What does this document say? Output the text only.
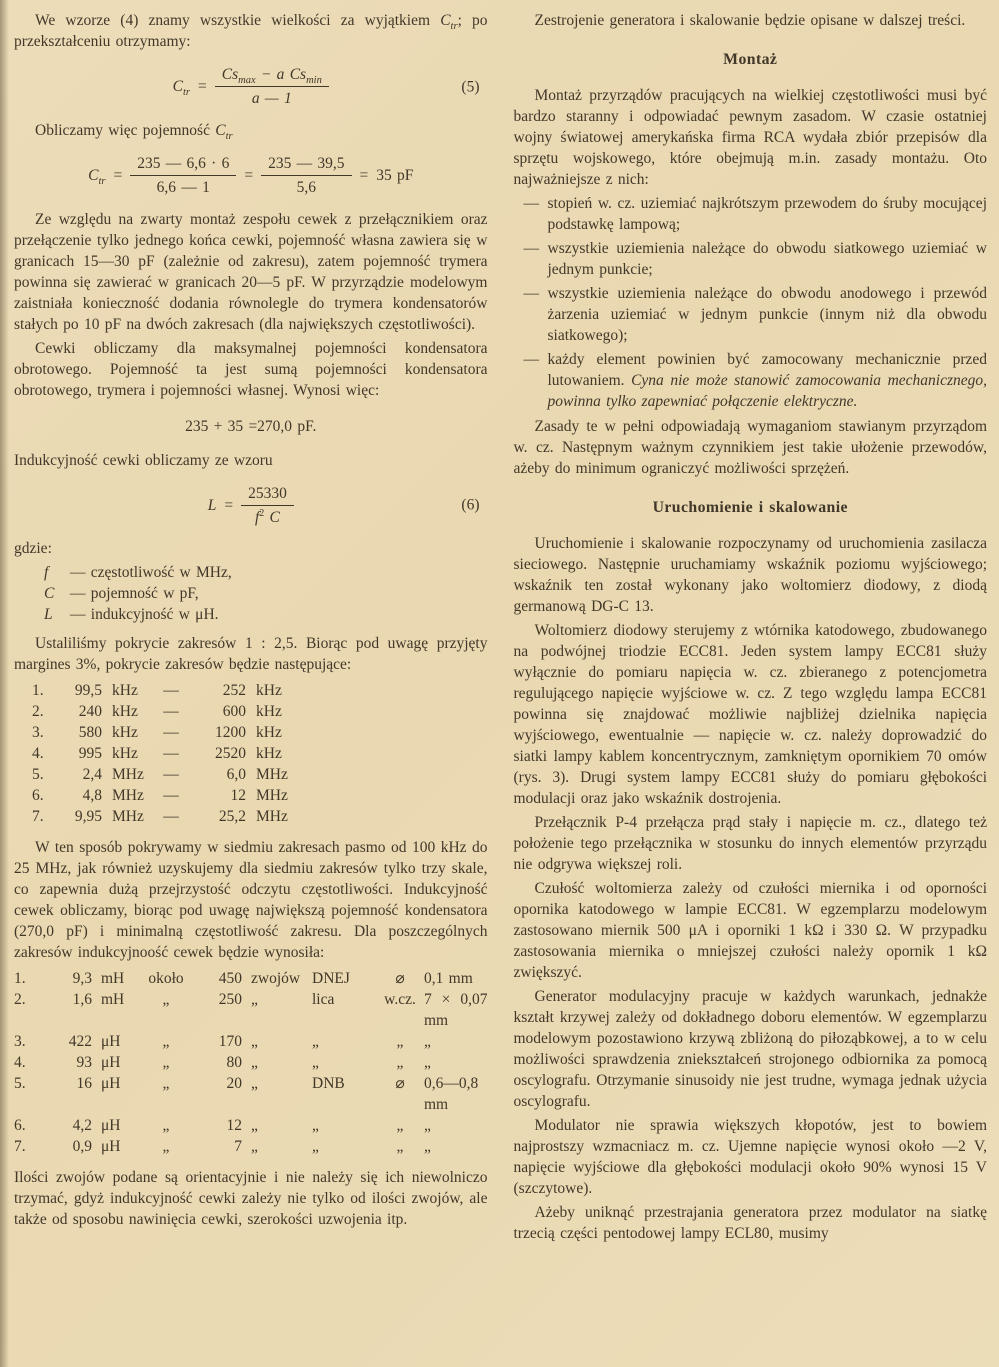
We wzorze (4) znamy wszystkie wielkości za wyjątkiem $C_{tr}$; po przekształceniu otrzymamy:

$C_{tr} = \frac{Cs_{max} - a Cs_{min}}{a — 1}$	(5)

Obliczamy więc pojemność $C_{tr}$

$C_{tr} = \frac{235 — 6,6 \cdot 6}{6,6 — 1} = \frac{235 — 39,5}{5,6} = 35$ pF

Ze względu na zwarty montaż zespołu cewek z przełącznikiem oraz przełączenie tylko jednego końca cewki, pojemność własna zawiera się w granicach 15—30 pF (zależnie od zakresu), zatem pojemność trymera powinna się zawierać w granicach 20—5 pF. W przyrządzie modelowym zaistniała konieczność dodania równolegle do trymera kondensatorów stałych po 10 pF na dwóch zakresach (dla największych częstotliwości).

Cewki obliczamy dla maksymalnej pojemności kondensatora obrotowego. Pojemność ta jest sumą pojemności kondensatora obrotowego, trymera i pojemności własnej. Wynosi więc:

235 + 35 =270,0 pF.

Indukcyjność cewki obliczamy ze wzoru

$L = \frac{25330}{f^2 C}$	(6)

gdzie:

f	— częstotliwość w MHz,
C	— pojemność w pF,
L	— indukcyjność w μH.

Ustaliliśmy pokrycie zakresów 1 : 2,5. Biorąc pod uwagę przyjęty margines 3%, pokrycie zakresów będzie następujące:

1.	99,5 kHz	—	252 kHz
2.	240 kHz	—	600 kHz
3.	580 kHz	—	1200 kHz
4.	995 kHz	—	2520 kHz
5.	2,4 MHz	—	6,0 MHz
6.	4,8 MHz	—	12 MHz
7.	9,95 MHz	—	25,2 MHz

W ten sposób pokrywamy w siedmiu zakresach pasmo od 100 kHz do 25 MHz, jak również uzyskujemy dla siedmiu zakresów tylko trzy skale, co zapewnia dużą przejrzystość odczytu częstotliwości. Indukcyjność cewek obliczamy, biorąc pod uwagę największą pojemność kondensatora (270,0 pF) i minimalną częstotliwość zakresu. Dla poszczególnych zakresów indukcyjnoość cewek będzie wynosiła:

1.	9,3 mH	około	450 zwojów DNEJ	⌀	0,1 mm
2.	1,6 mH	„	250 „	lica	w.cz. 7 × 0,07 mm
3.	422 μH	„	170 „	„	„	„
4.	93 μH	„	80 „	„	„	„
5.	16 μH	„	20 „	DNB	⌀	0,6—0,8 mm
6.	4,2 μH	„	12 „	„	„	„
7.	0,9 μH	„	7 „	„	„	„

Ilości zwojów podane są orientacyjnie i nie należy się ich niewolniczo trzymać, gdyż indukcyjność cewki zależy nie tylko od ilości zwojów, ale także od sposobu nawinięcia cewki, szerokości uzwojenia itp.

Zestrojenie generatora i skalowanie będzie opisane w dalszej treści.

Montaż

Montaż przyrządów pracujących na wielkiej częstotliwości musi być bardzo staranny i odpowiadać pewnym zasadom. W czasie ostatniej wojny światowej amerykańska firma RCA wydała zbiór przepisów dla sprzętu wojskowego, które obejmują m.in. zasady montażu. Oto najważniejsze z nich:

— stopień w. cz. uziemiać najkrótszym przewodem do śruby mocującej podstawkę lampową;
— wszystkie uziemienia należące do obwodu siatkowego uziemiać w jednym punkcie;
— wszystkie uziemienia należące do obwodu anodowego i przewód żarzenia uziemiać w jednym punkcie (innym niż dla obwodu siatkowego);
— każdy element powinien być zamocowany mechanicznie przed lutowaniem. Cyna nie może stanowić zamocowania mechanicznego, powinna tylko zapewniać połączenie elektryczne.

Zasady te w pełni odpowiadają wymaganiom stawianym przyrządom w. cz. Następnym ważnym czynnikiem jest takie ułożenie przewodów, ażeby do minimum ograniczyć możliwości sprzężeń.

Uruchomienie i skalowanie

Uruchomienie i skalowanie rozpoczynamy od uruchomienia zasilacza sieciowego. Następnie uruchamiamy wskaźnik poziomu wyjściowego; wskaźnik ten został wykonany jako woltomierz diodowy, z diodą germanową DG-C 13.

Woltomierz diodowy sterujemy z wtórnika katodowego, zbudowanego na podwójnej triodzie ECC81. Jeden system lampy ECC81 służy wyłącznie do pomiaru napięcia w. cz. zbieranego z potencjometra regulującego napięcie wyjściowe w. cz. Z tego względu lampa ECC81 powinna się znajdować możliwie najbliżej dzielnika napięcia wyjściowego, ewentualnie — napięcie w. cz. należy doprowadzić do siatki lampy kablem koncentrycznym, zamkniętym opornikiem 70 omów (rys. 3). Drugi system lampy ECC81 służy do pomiaru głębokości modulacji oraz jako wskaźnik dostrojenia.

Przełącznik P-4 przełącza prąd stały i napięcie m. cz., dlatego też położenie tego przełącznika w stosunku do innych elementów przyrządu nie odgrywa większej roli.

Czułość woltomierza zależy od czułości miernika i od oporności opornika katodowego w lampie ECC81. W egzemplarzu modelowym zastosowano miernik 500 μA i oporniki 1 kΩ i 330 Ω. W przypadku zastosowania miernika o mniejszej czułości należy opornik 1 kΩ zwiększyć.

Generator modulacyjny pracuje w każdych warunkach, jednakże kształt krzywej zależy od dokładnego doboru elementów. W egzemplarzu modelowym pozostawiono krzywą zbliżoną do piłoząbkowej, a to w celu możliwości sprawdzenia zniekształceń strojonego odbiornika za pomocą oscylografu. Otrzymanie sinusoidy nie jest trudne, wymaga jednak użycia oscylografu.

Modulator nie sprawia większych kłopotów, jest to bowiem najprostszy wzmacniacz m. cz. Ujemne napięcie wynosi około —2 V, napięcie wyjściowe dla głębokości modulacji około 90% wynosi 15 V (szczytowe).

Ażeby uniknąć przestrajania generatora przez modulator na siatkę trzecią części pentodowej lampy ECL80, musimy
